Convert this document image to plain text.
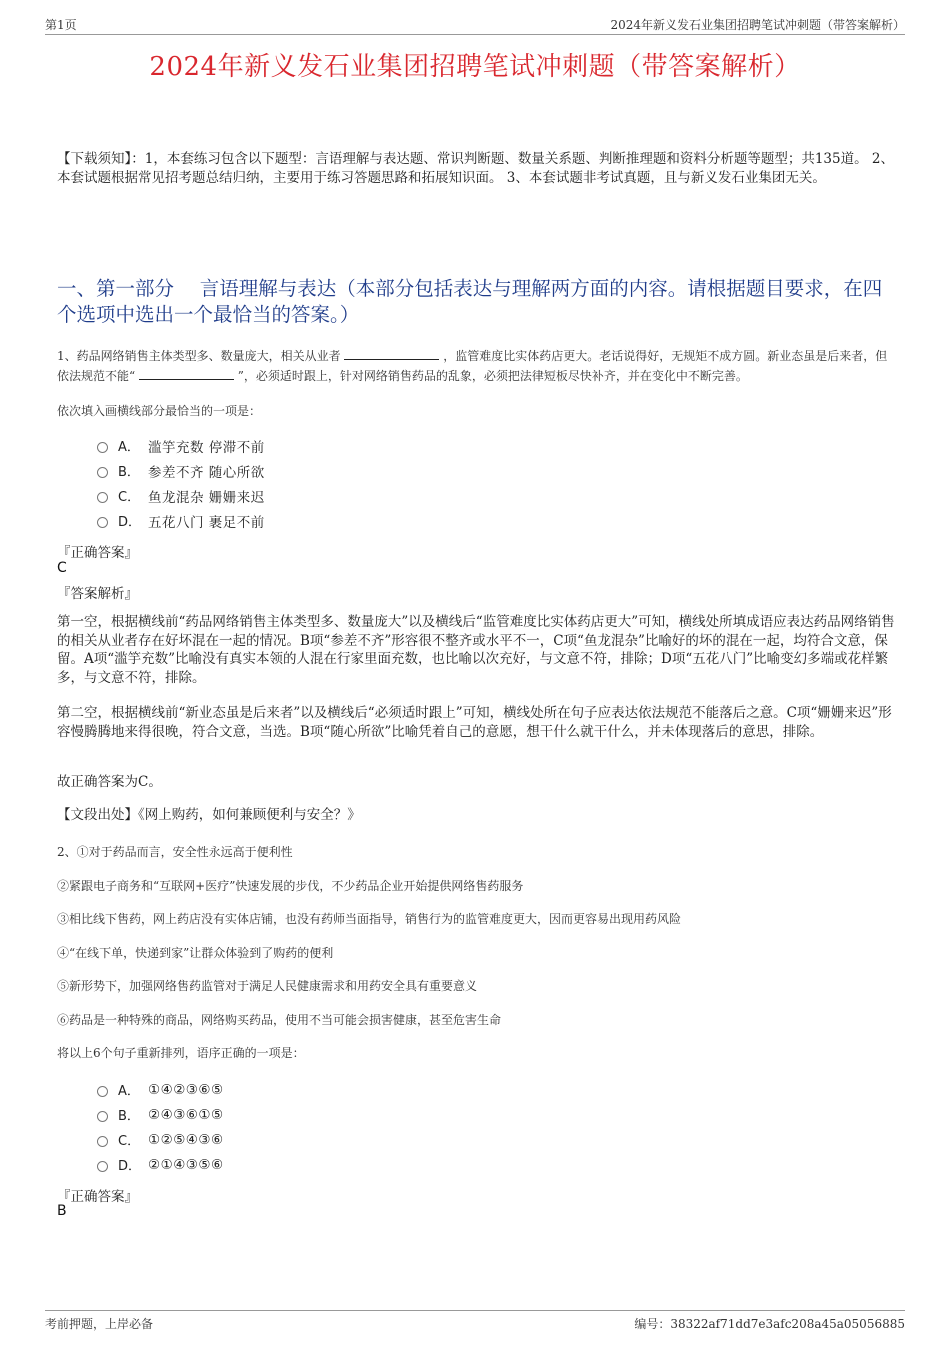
第1页	2024年新义发石业集团招聘笔试冲刺题（带答案解析）
2024年新义发石业集团招聘笔试冲刺题（带答案解析）
【下载须知】：1，本套练习包含以下题型：言语理解与表达题、常识判断题、数量关系题、判断推理题和资料分析题等题型；共135道。 2、本套试题根据常见招考题总结归纳，主要用于练习答题思路和拓展知识面。 3、本套试题非考试真题，且与新义发石业集团无关。
一、第一部分　 言语理解与表达（本部分包括表达与理解两方面的内容。请根据题目要求，在四个选项中选出一个最恰当的答案。）
1、药品网络销售主体类型多、数量庞大，相关从业者	，监管难度比实体药店更大。老话说得好，无规矩不成方圆。新业态虽是后来者，但依法规范不能“	”，必须适时跟上，针对网络销售药品的乱象，必须把法律短板尽快补齐，并在变化中不断完善。
依次填入画横线部分最恰当的一项是：
A． 滥竽充数 停滞不前
B． 参差不齐 随心所欲
C． 鱼龙混杂 姗姗来迟
D． 五花八门 裹足不前
『正确答案』
C
『答案解析』
第一空，根据横线前“药品网络销售主体类型多、数量庞大”以及横线后“监管难度比实体药店更大”可知，横线处所填成语应表达药品网络销售的相关从业者存在好坏混在一起的情况。B项“参差不齐”形容很不整齐或水平不一，C项“鱼龙混杂”比喻好的坏的混在一起，均符合文意，保留。A项“滥竽充数”比喻没有真实本领的人混在行家里面充数，也比喻以次充好，与文意不符，排除；D项“五花八门”比喻变幻多端或花样繁多，与文意不符，排除。
第二空，根据横线前“新业态虽是后来者”以及横线后“必须适时跟上”可知，横线处所在句子应表达依法规范不能落后之意。C项“姗姗来迟”形容慢腾腾地来得很晚，符合文意，当选。B项“随心所欲”比喻凭着自己的意愿，想干什么就干什么，并未体现落后的意思，排除。
故正确答案为C。
【文段出处】《网上购药，如何兼顾便利与安全？》
2、①对于药品而言，安全性永远高于便利性
②紧跟电子商务和“互联网+医疗”快速发展的步伐，不少药品企业开始提供网络售药服务
③相比线下售药，网上药店没有实体店铺，也没有药师当面指导，销售行为的监管难度更大，因而更容易出现用药风险
④“在线下单，快递到家”让群众体验到了购药的便利
⑤新形势下，加强网络售药监管对于满足人民健康需求和用药安全具有重要意义
⑥药品是一种特殊的商品，网络购买药品，使用不当可能会损害健康，甚至危害生命
将以上6个句子重新排列，语序正确的一项是：
A． ①④②③⑥⑤
B． ②④③⑥①⑤
C． ①②⑤④③⑥
D． ②①④③⑤⑥
『正确答案』
B
考前押题，上岸必备	编号：38322af71dd7e3afc208a45a05056885
